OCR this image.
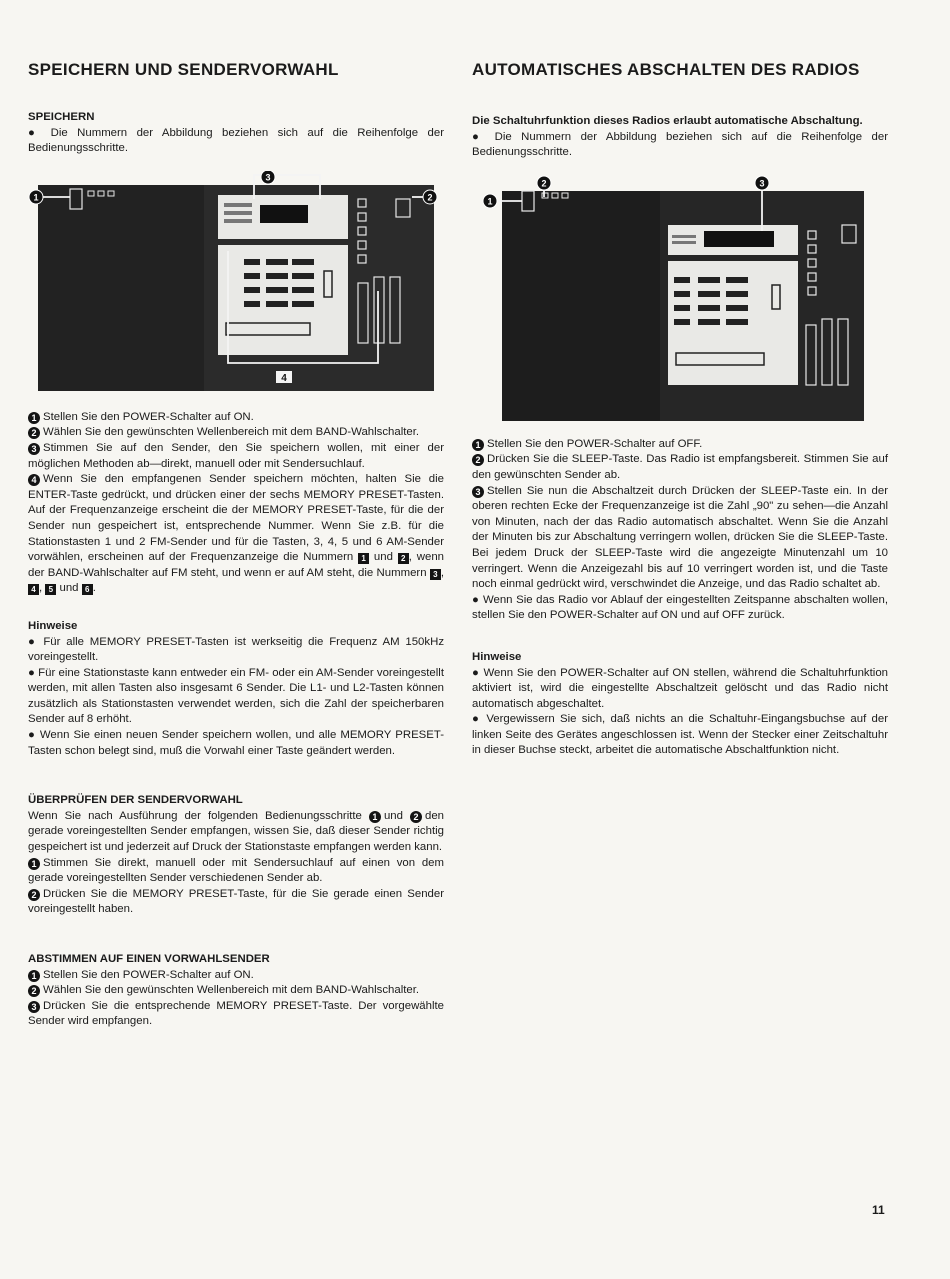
SPEICHERN UND SENDERVORWAHL
SPEICHERN

● Die Nummern der Abbildung beziehen sich auf die Reihenfolge der Bedienungsschritte.

1	2
3
4

1 Stellen Sie den POWER-Schalter auf ON.

2 Wählen Sie den gewünschten Wellenbereich mit dem BAND-Wahlschalter.

3 Stimmen Sie auf den Sender, den Sie speichern wollen, mit einer der möglichen Methoden ab—direkt, manuell oder mit Sendersuchlauf.

4 Wenn Sie den empfangenen Sender speichern möchten, halten Sie die ENTER-Taste gedrückt, und drücken einer der sechs MEMORY PRESET-Tasten. Auf der Frequenzanzeige erscheint die der MEMORY PRESET-Taste, für die der Sender nun gespeichert ist, entsprechende Nummer. Wenn Sie z.B. für die Stationstasten 1 und 2 FM-Sender und für die Tasten, 3, 4, 5 und 6 AM-Sender vorwählen, erscheinen auf der Frequenzanzeige die Nummern 1 und 2 , wenn der BAND-Wahlschalter auf FM steht, und wenn er auf AM steht, die Nummern 3 , 4 , 5 und 6 .

Hinweise

● Für alle MEMORY PRESET-Tasten ist werkseitig die Frequenz AM 150kHz voreingestellt.

● Für eine Stationstaste kann entweder ein FM- oder ein AM-Sender voreingestellt werden, mit allen Tasten also insgesamt 6 Sender. Die L1- und L2-Tasten können zusätzlich als Stationstasten verwendet werden, sich die Zahl der speicherbaren Sender auf 8 erhöht.

● Wenn Sie einen neuen Sender speichern wollen, und alle MEMORY PRESET-Tasten schon belegt sind, muß die Vorwahl einer Taste geändert werden.

ÜBERPRÜFEN DER SENDERVORWAHL

Wenn Sie nach Ausführung der folgenden Bedienungsschritte 1 und 2 den gerade voreingestellten Sender empfangen, wissen Sie, daß dieser Sender richtig gespeichert ist und jederzeit auf Druck der Stationstaste empfangen werden kann.

1 Stimmen Sie direkt, manuell oder mit Sendersuchlauf auf einen von dem gerade voreingestellten Sender verschiedenen Sender ab.

2 Drücken Sie die MEMORY PRESET-Taste, für die Sie gerade einen Sender voreingestellt haben.

ABSTIMMEN AUF EINEN VORWAHLSENDER

1 Stellen Sie den POWER-Schalter auf ON.

2 Wählen Sie den gewünschten Wellenbereich mit dem BAND-Wahlschalter.

3 Drücken Sie die entsprechende MEMORY PRESET-Taste. Der vorgewählte Sender wird empfangen.

AUTOMATISCHES ABSCHALTEN DES RADIOS

Die Schaltuhrfunktion dieses Radios erlaubt automatische Abschaltung.

● Die Nummern der Abbildung beziehen sich auf die Reihenfolge der Bedienungsschritte.

1
2	3

1 Stellen Sie den POWER-Schalter auf OFF.

2 Drücken Sie die SLEEP-Taste. Das Radio ist empfangsbereit. Stimmen Sie auf den gewünschten Sender ab.

3 Stellen Sie nun die Abschaltzeit durch Drücken der SLEEP-Taste ein. In der oberen rechten Ecke der Frequenzanzeige ist die Zahl „90" zu sehen—die Anzahl von Minuten, nach der das Radio automatisch abschaltet. Wenn Sie die Anzahl der Minuten bis zur Abschaltung verringern wollen, drücken Sie die SLEEP-Taste. Bei jedem Druck der SLEEP-Taste wird die angezeigte Minutenzahl um 10 verringert. Wenn die Anzeigezahl bis auf 10 verringert worden ist, und die Taste noch einmal gedrückt wird, verschwindet die Anzeige, und das Radio schaltet ab.

● Wenn Sie das Radio vor Ablauf der eingestellten Zeitspanne abschalten wollen, stellen Sie den POWER-Schalter auf ON und auf OFF zurück.

Hinweise

● Wenn Sie den POWER-Schalter auf ON stellen, während die Schaltuhrfunktion aktiviert ist, wird die eingestellte Abschaltzeit gelöscht und das Radio nicht automatisch abgeschaltet.

● Vergewissern Sie sich, daß nichts an die Schaltuhr-Eingangsbuchse auf der linken Seite des Gerätes angeschlossen ist. Wenn der Stecker einer Zeitschaltuhr in dieser Buchse steckt, arbeitet die automatische Abschaltfunktion nicht.

11
